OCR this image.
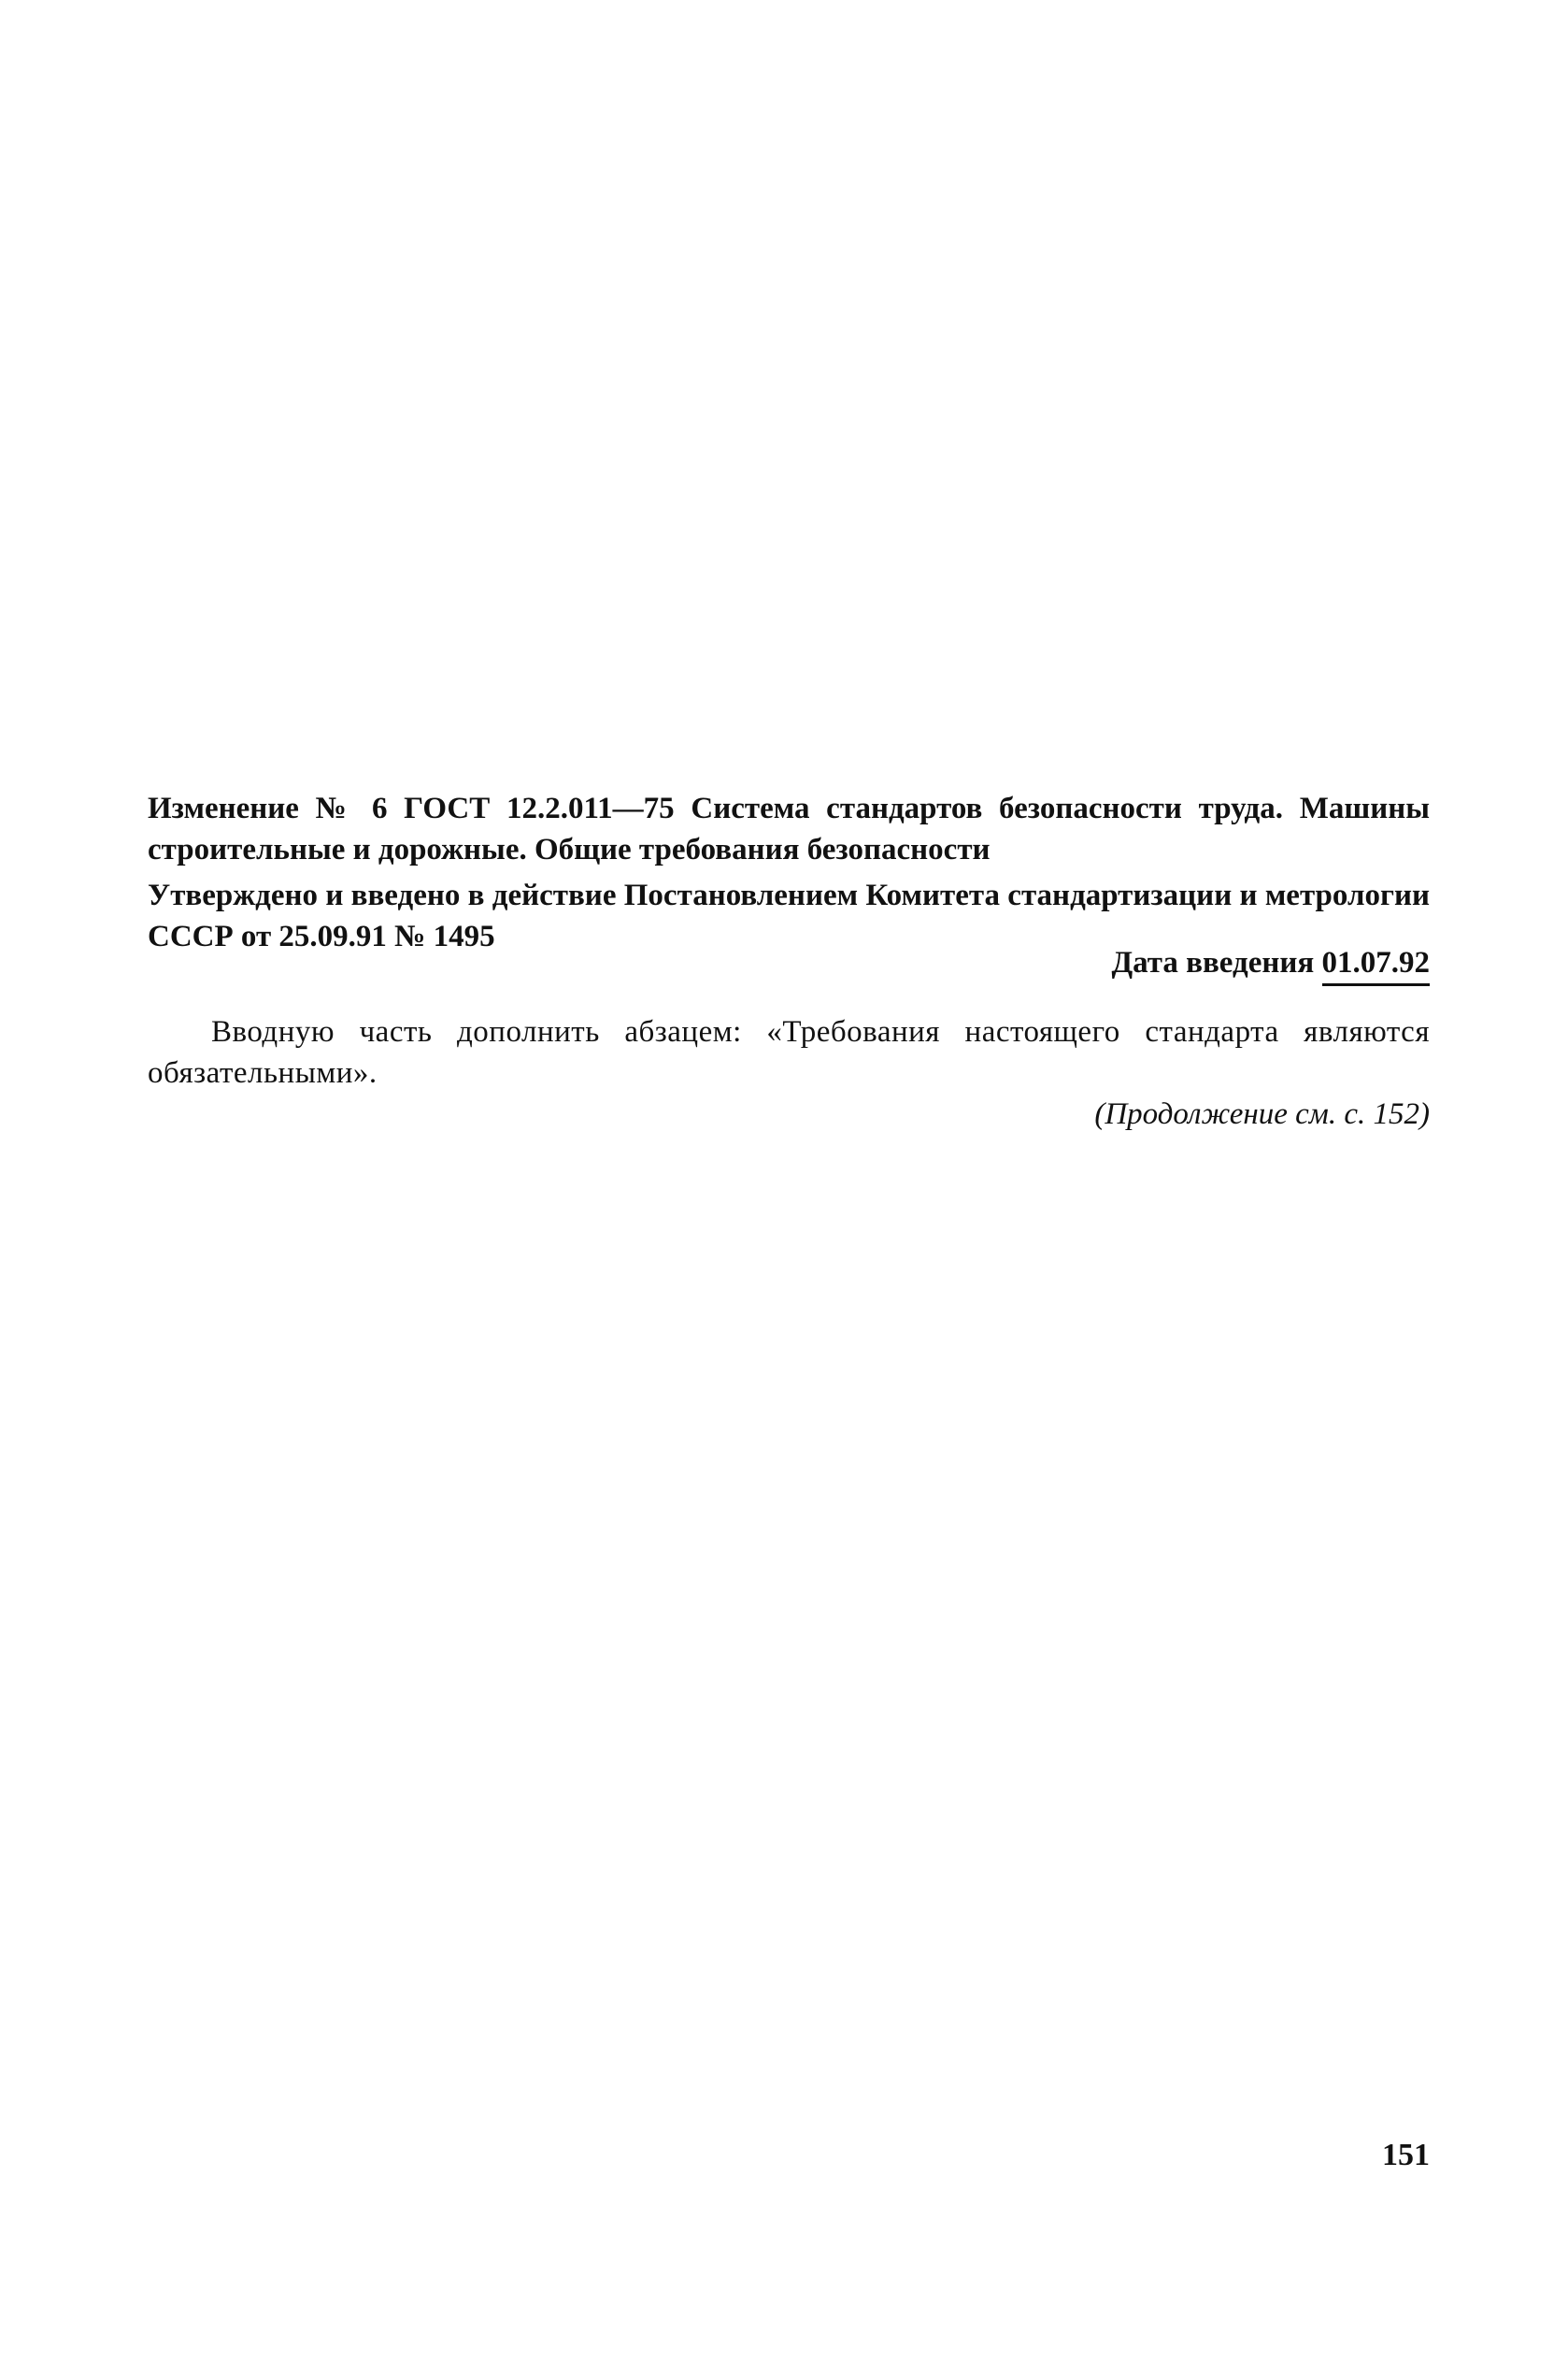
Изменение № 6 ГОСТ 12.2.011—75 Система стандартов безопасности труда. Машины строительные и дорожные. Общие требования безопасности
Утверждено и введено в действие Постановлением Комитета стандартизации и метрологии СССР от 25.09.91 № 1495
Дата введения 01.07.92
Вводную часть дополнить абзацем: «Требования настоящего стандарта являются обязательными».
(Продолжение см. с. 152)
151
